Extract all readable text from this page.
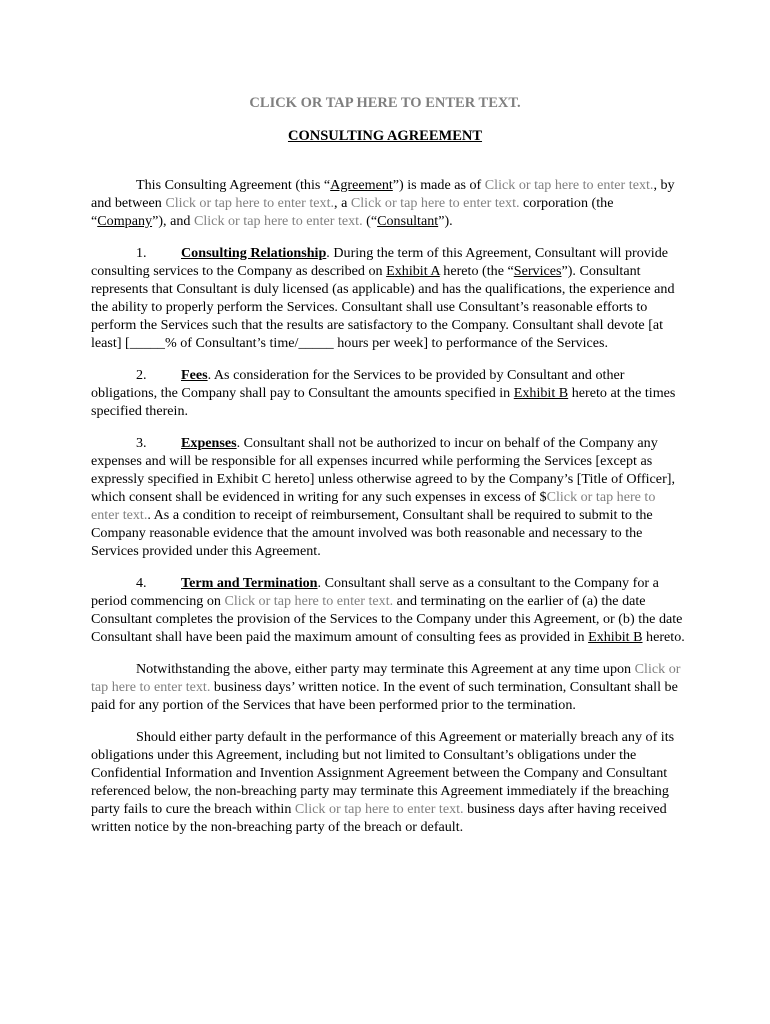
CLICK OR TAP HERE TO ENTER TEXT.
CONSULTING AGREEMENT

This Consulting Agreement (this “Agreement”) is made as of Click or tap here to enter text., by and between Click or tap here to enter text., a Click or tap here to enter text. corporation (the “Company”), and Click or tap here to enter text. (“Consultant”).

1. Consulting Relationship. During the term of this Agreement, Consultant will provide consulting services to the Company as described on Exhibit A hereto (the “Services”). Consultant represents that Consultant is duly licensed (as applicable) and has the qualifications, the experience and the ability to properly perform the Services. Consultant shall use Consultant’s reasonable efforts to perform the Services such that the results are satisfactory to the Company. Consultant shall devote [at least] [_____% of Consultant’s time/_____ hours per week] to performance of the Services.

2. Fees. As consideration for the Services to be provided by Consultant and other obligations, the Company shall pay to Consultant the amounts specified in Exhibit B hereto at the times specified therein.

3. Expenses. Consultant shall not be authorized to incur on behalf of the Company any expenses and will be responsible for all expenses incurred while performing the Services [except as expressly specified in Exhibit C hereto] unless otherwise agreed to by the Company’s [Title of Officer], which consent shall be evidenced in writing for any such expenses in excess of $Click or tap here to enter text.. As a condition to receipt of reimbursement, Consultant shall be required to submit to the Company reasonable evidence that the amount involved was both reasonable and necessary to the Services provided under this Agreement.

4. Term and Termination. Consultant shall serve as a consultant to the Company for a period commencing on Click or tap here to enter text. and terminating on the earlier of (a) the date Consultant completes the provision of the Services to the Company under this Agreement, or (b) the date Consultant shall have been paid the maximum amount of consulting fees as provided in Exhibit B hereto.

Notwithstanding the above, either party may terminate this Agreement at any time upon Click or tap here to enter text. business days’ written notice. In the event of such termination, Consultant shall be paid for any portion of the Services that have been performed prior to the termination.

Should either party default in the performance of this Agreement or materially breach any of its obligations under this Agreement, including but not limited to Consultant’s obligations under the Confidential Information and Invention Assignment Agreement between the Company and Consultant referenced below, the non-breaching party may terminate this Agreement immediately if the breaching party fails to cure the breach within Click or tap here to enter text. business days after having received written notice by the non-breaching party of the breach or default.
